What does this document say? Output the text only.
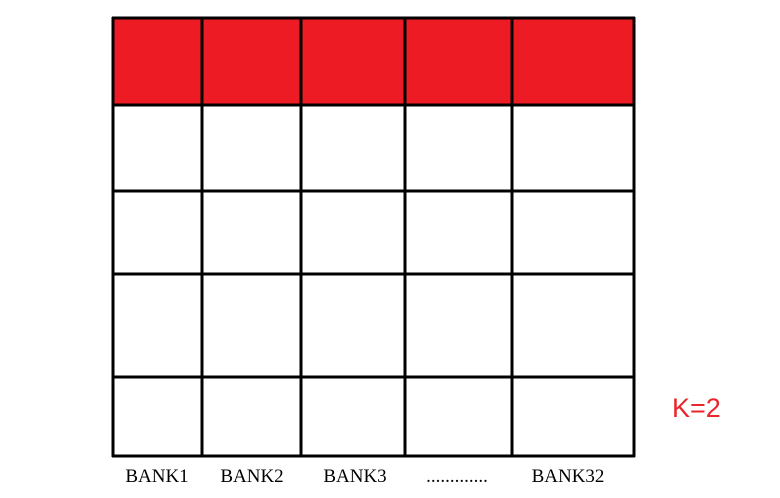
BANK1 BANK2 BANK3 ............. BANK32
K=2
